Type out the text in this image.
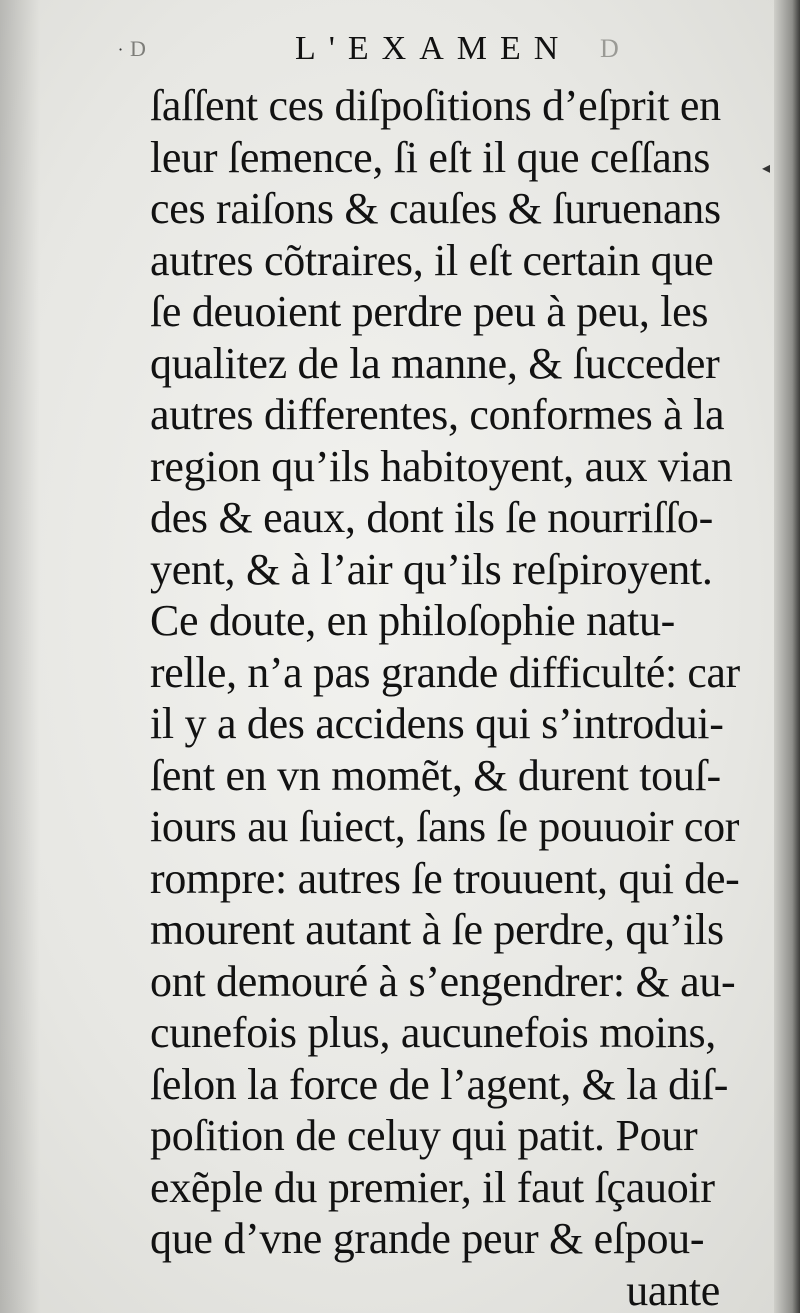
D	L'EXAMEN D
ſaſſent ces diſpoſitions d’eſprit en
leur ſemence, ſi eſt il que ceſſans
ces raiſons & cauſes & ſuruenans
autres cõtraires, il eſt certain que
ſe deuoient perdre peu à peu, les
qualitez de la manne, & ſucceder
autres differentes, conformes à la
region qu’ils habitoyent, aux vian
des & eaux, dont ils ſe nourriſſo-
yent, & à l’air qu’ils reſpiroyent.
Ce doute, en philoſophie natu-
relle, n’a pas grande difficulté: car
il y a des accidens qui s’introdui-
ſent en vn momẽt, & durent touſ-
iours au ſuiect, ſans ſe pouuoir cor
rompre: autres ſe trouuent, qui de-
mourent autant à ſe perdre, qu’ils
ont demouré à s’engendrer: & au-
cunefois plus, aucunefois moins,
ſelon la force de l’agent, & la diſ-
poſition de celuy qui patit. Pour
exẽple du premier, il faut ſçauoir
que d’vne grande peur & eſpou-
uante
·
◂
